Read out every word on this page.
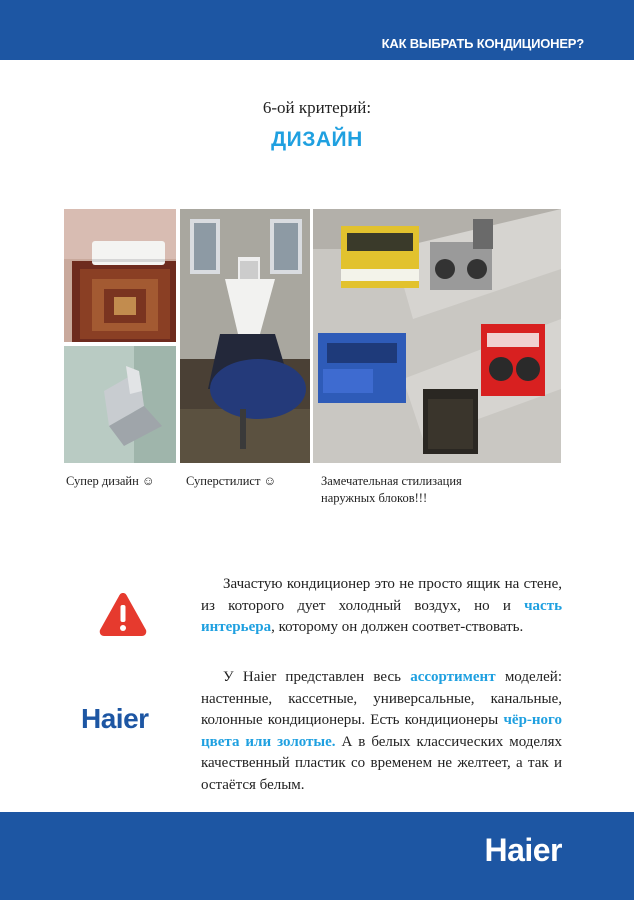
КАК ВЫБРАТЬ КОНДИЦИОНЕР?
6-ой критерий:
ДИЗАЙН
Супер дизайн ☺	Суперстилист ☺	Замечательная стилизация
наружных блоков!!!
Haier

Зачастую кондиционер это не просто ящик на стене, из которого дует холодный воздух, но и часть интерьера, которому он должен соответ-ствовать.

У Haier представлен весь ассортимент моделей: настенные, кассетные, универсальные, канальные, колонные кондиционеры. Есть кондиционеры чёр-ного цвета или золотые. А в белых классических моделях качественный пластик со временем не желтеет, а так и остаётся белым.

Haier
